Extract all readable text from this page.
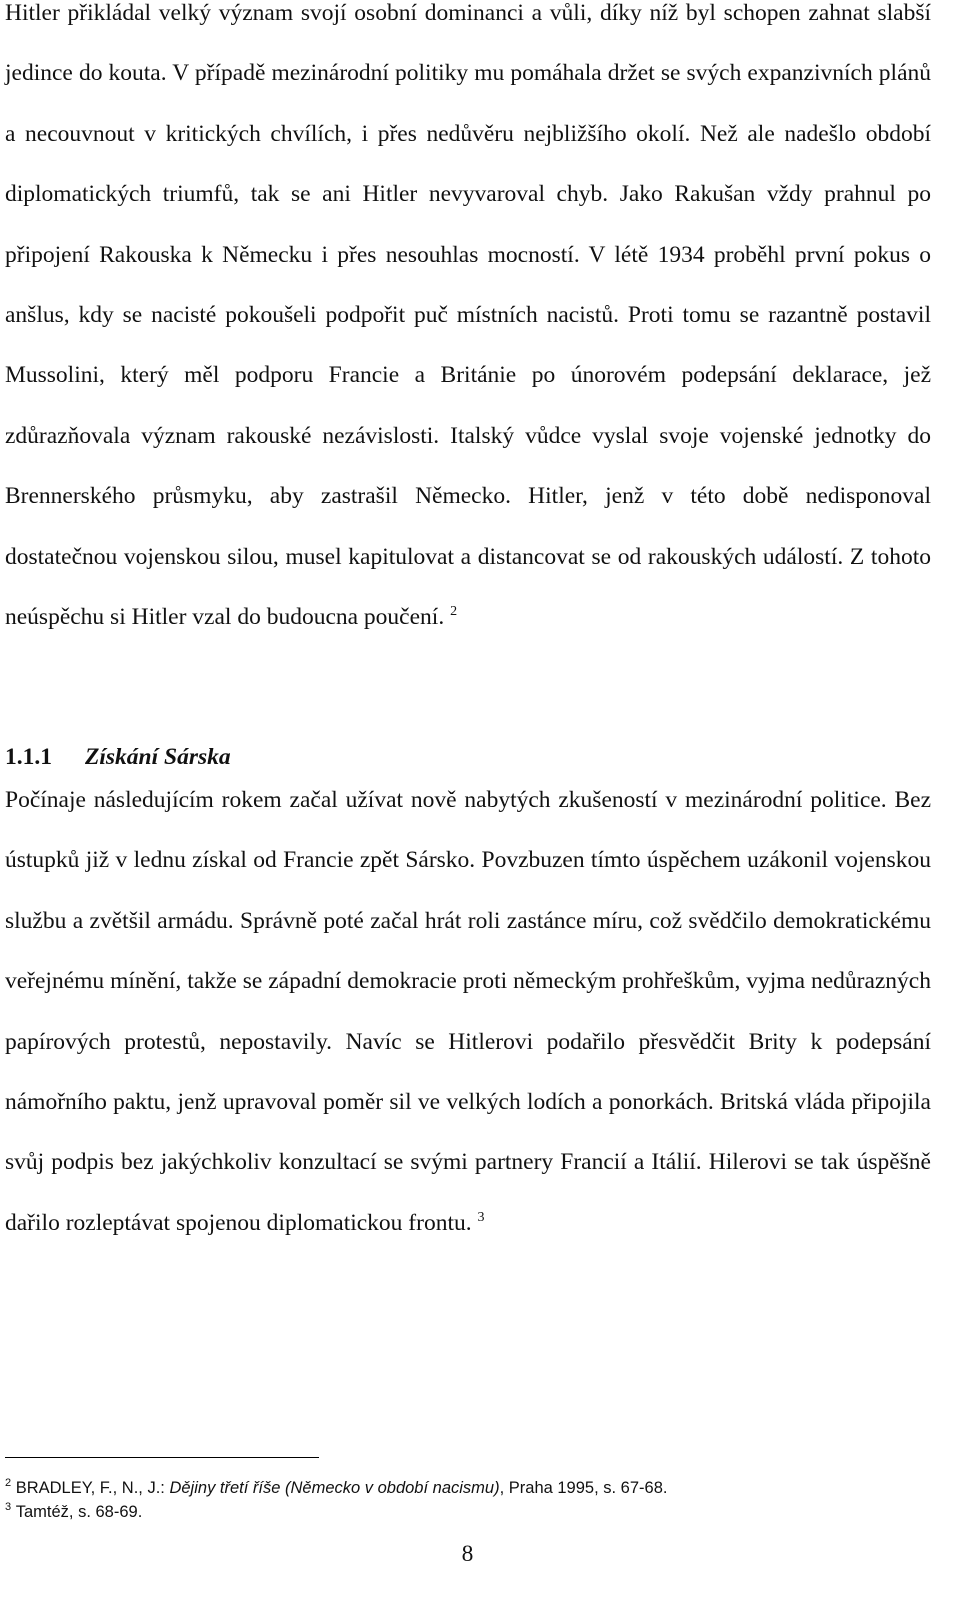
Hitler přikládal velký význam svojí osobní dominanci a vůli, díky níž byl schopen zahnat slabší jedince do kouta. V případě mezinárodní politiky mu pomáhala držet se svých expanzivních plánů a necouvnout v kritických chvílích, i přes nedůvěru nejbližšího okolí. Než ale nadešlo období diplomatických triumfů, tak se ani Hitler nevyvaroval chyb. Jako Rakušan vždy prahnul po připojení Rakouska k Německu i přes nesouhlas mocností. V létě 1934 proběhl první pokus o anšlus, kdy se nacisté pokoušeli podpořit puč místních nacistů. Proti tomu se razantně postavil Mussolini, který měl podporu Francie a Británie po únorovém podepsání deklarace, jež zdůrazňovala význam rakouské nezávislosti. Italský vůdce vyslal svoje vojenské jednotky do Brennerského průsmyku, aby zastrašil Německo. Hitler, jenž v této době nedisponoval dostatečnou vojenskou silou, musel kapitulovat a distancovat se od rakouských událostí. Z tohoto neúspěchu si Hitler vzal do budoucna poučení. $^2$

1.1.1 Získání Sárska

Počínaje následujícím rokem začal užívat nově nabytých zkušeností v mezinárodní politice. Bez ústupků již v lednu získal od Francie zpět Sársko. Povzbuzen tímto úspěchem uzákonil vojenskou službu a zvětšil armádu. Správně poté začal hrát roli zastánce míru, což svědčilo demokratickému veřejnému mínění, takže se západní demokracie proti německým prohřeškům, vyjma nedůrazných papírových protestů, nepostavily. Navíc se Hitlerovi podařilo přesvědčit Brity k podepsání námořního paktu, jenž upravoval poměr sil ve velkých lodích a ponorkách. Britská vláda připojila svůj podpis bez jakýchkoliv konzultací se svými partnery Francií a Itálií. Hilerovi se tak úspěšně dařilo rozleptávat spojenou diplomatickou frontu. $^3$

$^2$ BRADLEY, F., N., J.: Dějiny třetí říše (Německo v období nacismu), Praha 1995, s. 67-68.

$^3$ Tamtéž, s. 68-69.

8
